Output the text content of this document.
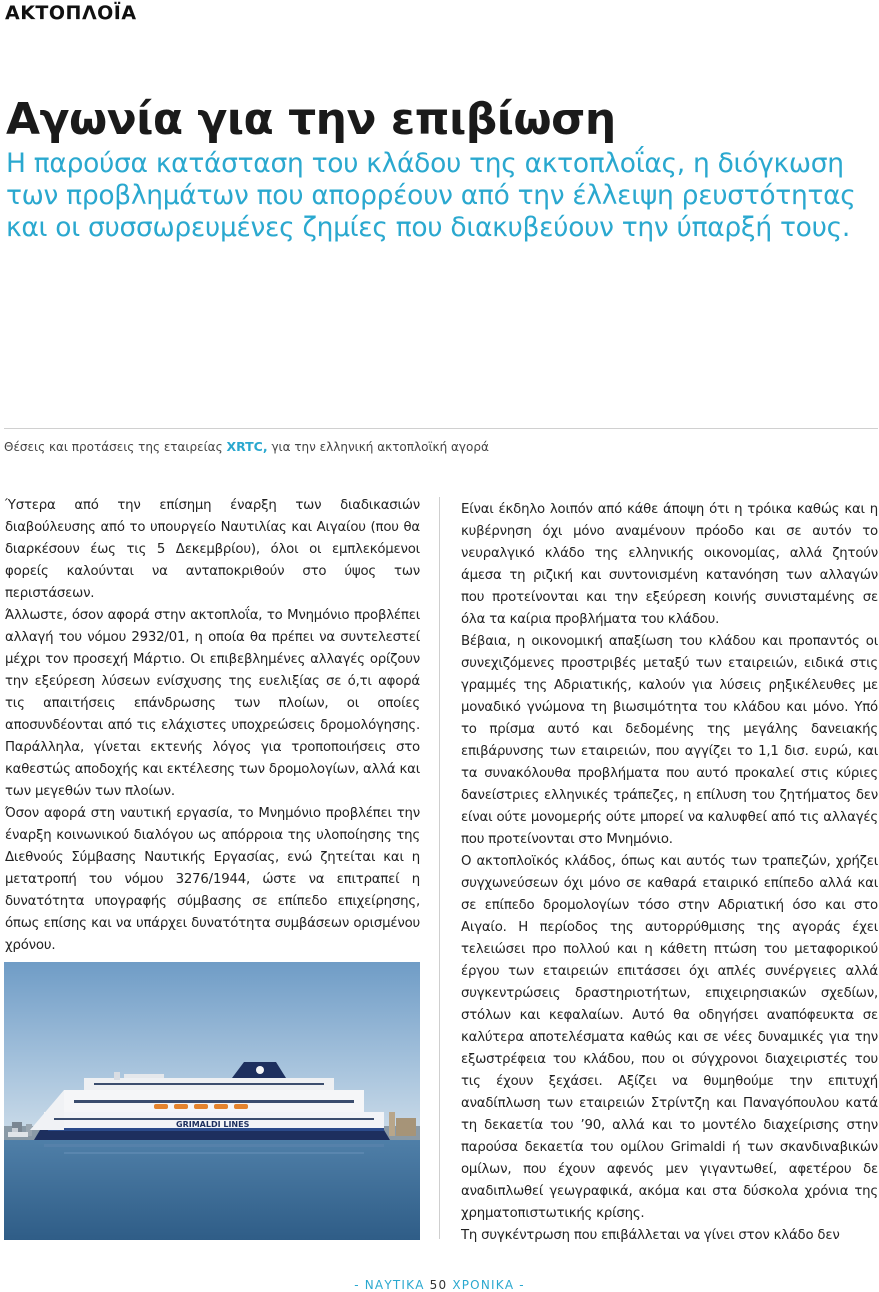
ΑΚΤΟΠΛΟΪΑ
Αγωνία για την επιβίωση

Η παρούσα κατάσταση του κλάδου της ακτοπλοΐας, η διόγκωση των προβλημάτων που απορρέουν από την έλλειψη ρευστότητας και οι συσσωρευμένες ζημίες που διακυβεύουν την ύπαρξή τους.

Θέσεις και προτάσεις της εταιρείας XRTC, για την ελληνική ακτοπλοϊκή αγορά

Ύστερα από την επίσημη έναρξη των διαδικασιών διαβούλευσης από το υπουργείο Ναυτιλίας και Αιγαίου (που θα διαρκέσουν έως τις 5 Δεκεμβρίου), όλοι οι εμπλεκόμενοι φορείς καλούνται να ανταποκριθούν στο ύψος των περιστάσεων.

Άλλωστε, όσον αφορά στην ακτοπλοΐα, το Μνημόνιο προβλέπει αλλαγή του νόμου 2932/01, η οποία θα πρέπει να συντελεστεί μέχρι τον προσεχή Μάρτιο. Οι επιβεβλημένες αλλαγές ορίζουν την εξεύρεση λύσεων ενίσχυσης της ευελιξίας σε ό,τι αφορά τις απαιτήσεις επάνδρωσης των πλοίων, οι οποίες αποσυνδέονται από τις ελάχιστες υποχρεώσεις δρομολόγησης. Παράλληλα, γίνεται εκτενής λόγος για τροποποιήσεις στο καθεστώς αποδοχής και εκτέλεσης των δρομολογίων, αλλά και των μεγεθών των πλοίων.

Όσον αφορά στη ναυτική εργασία, το Μνημόνιο προβλέπει την έναρξη κοινωνικού διαλόγου ως απόρροια της υλοποίησης της Διεθνούς Σύμβασης Ναυτικής Εργασίας, ενώ ζητείται και η μετατροπή του νόμου 3276/1944, ώστε να επιτραπεί η δυνατότητα υπογραφής σύμβασης σε επίπεδο επιχείρησης, όπως επίσης και να υπάρχει δυνατότητα συμβάσεων ορισμένου χρόνου.

GRIMALDI LINES

Είναι έκδηλο λοιπόν από κάθε άποψη ότι η τρόικα καθώς και η κυβέρνηση όχι μόνο αναμένουν πρόοδο και σε αυτόν το νευραλγικό κλάδο της ελληνικής οικονομίας, αλλά ζητούν άμεσα τη ριζική και συντονισμένη κατανόηση των αλλαγών που προτείνονται και την εξεύρεση κοινής συνισταμένης σε όλα τα καίρια προβλήματα του κλάδου.

Βέβαια, η οικονομική απαξίωση του κλάδου και προπαντός οι συνεχιζόμενες προστριβές μεταξύ των εταιρειών, ειδικά στις γραμμές της Αδριατικής, καλούν για λύσεις ρηξικέλευθες με μοναδικό γνώμονα τη βιωσιμότητα του κλάδου και μόνο. Υπό το πρίσμα αυτό και δεδομένης της μεγάλης δανειακής επιβάρυνσης των εταιρειών, που αγγίζει το 1,1 δισ. ευρώ, και τα συνακόλουθα προβλήματα που αυτό προκαλεί στις κύριες δανείστριες ελληνικές τράπεζες, η επίλυση του ζητήματος δεν είναι ούτε μονομερής ούτε μπορεί να καλυφθεί από τις αλλαγές που προτείνονται στο Μνημόνιο.

Ο ακτοπλοϊκός κλάδος, όπως και αυτός των τραπεζών, χρήζει συγχωνεύσεων όχι μόνο σε καθαρά εταιρικό επίπεδο αλλά και σε επίπεδο δρομολογίων τόσο στην Αδριατική όσο και στο Αιγαίο. Η περίοδος της αυτορρύθμισης της αγοράς έχει τελειώσει προ πολλού και η κάθετη πτώση του μεταφορικού έργου των εταιρειών επιτάσσει όχι απλές συνέργειες αλλά συγκεντρώσεις δραστηριοτήτων, επιχειρησιακών σχεδίων, στόλων και κεφαλαίων. Αυτό θα οδηγήσει αναπόφευκτα σε καλύτερα αποτελέσματα καθώς και σε νέες δυναμικές για την εξωστρέφεια του κλάδου, που οι σύγχρονοι διαχειριστές του τις έχουν ξεχάσει. Αξίζει να θυμηθούμε την επιτυχή αναδίπλωση των εταιρειών Στρίντζη και Παναγόπουλου κατά τη δεκαετία του ’90, αλλά και το μοντέλο διαχείρισης στην παρούσα δεκαετία του ομίλου Grimaldi ή των σκανδιναβικών ομίλων, που έχουν αφενός μεν γιγαντωθεί, αφετέρου δε αναδιπλωθεί γεωγραφικά, ακόμα και στα δύσκολα χρόνια της χρηματοπιστωτικής κρίσης.

Τη συγκέντρωση που επιβάλλεται να γίνει στον κλάδο δεν

- ΝΑΥΤΙΚΑ 50 ΧΡΟΝΙΚΑ -
